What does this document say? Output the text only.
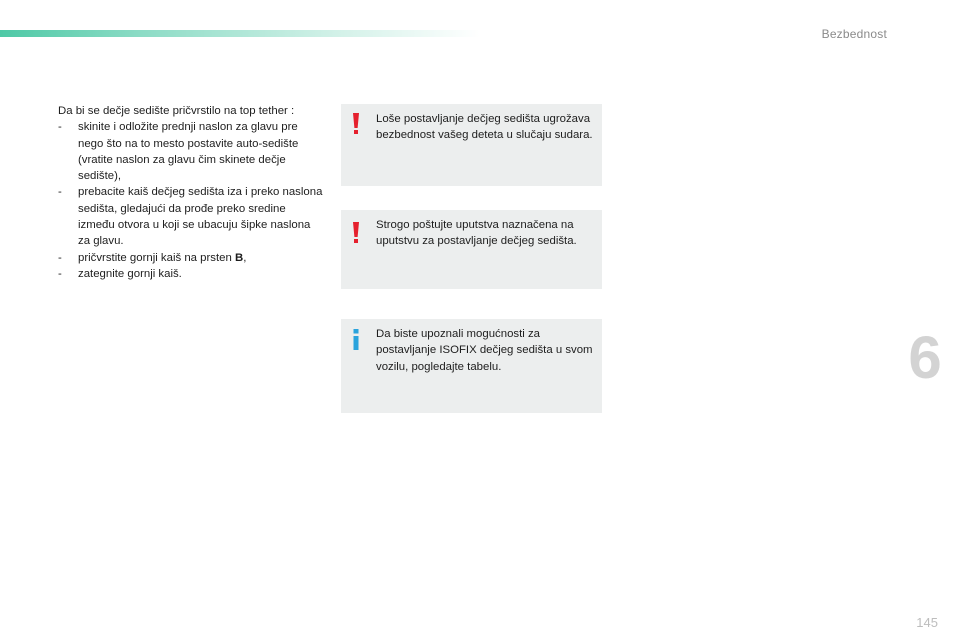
Bezbednost

Da bi se dečje sedište pričvrstilo na top tether :

- skinite i odložite prednji naslon za glavu pre nego što na to mesto postavite auto-sedište (vratite naslon za glavu čim skinete dečje sedište),
- prebacite kaiš dečjeg sedišta iza i preko naslona sedišta, gledajući da prođe preko sredine između otvora u koji se ubacuju šipke naslona za glavu.
- pričvrstite gornji kaiš na prsten B,
- zategnite gornji kaiš.
Loše postavljanje dečjeg sedišta ugrožava bezbednost vašeg deteta u slučaju sudara.
Strogo poštujte uputstva naznačena na uputstvu za postavljanje dečjeg sedišta.
Da biste upoznali mogućnosti za postavljanje ISOFIX dečjeg sedišta u svom vozilu, pogledajte tabelu.	6
145
